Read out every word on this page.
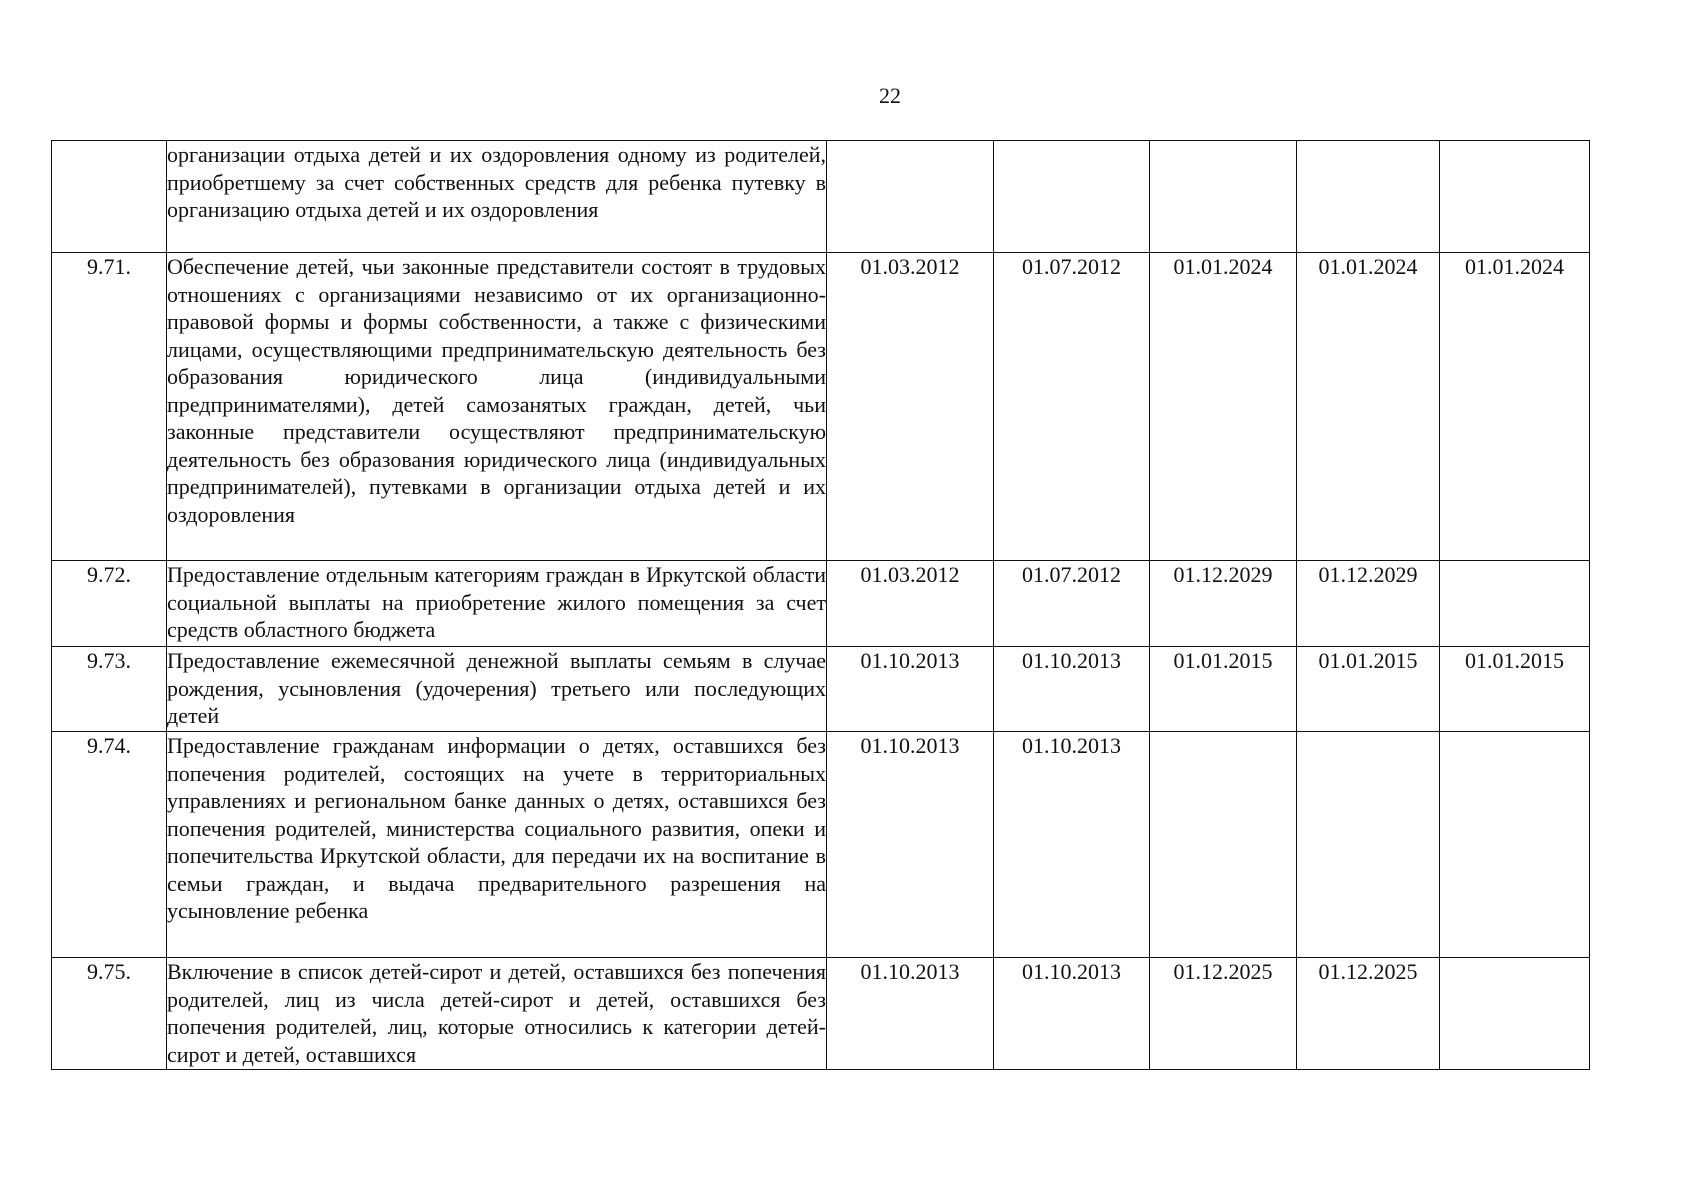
22
	организации отдыха детей и их оздоровления одному из родителей, приобретшему за счет собственных средств для ребенка путевку в организацию отдыха детей и их оздоровления					
9.71.	Обеспечение детей, чьи законные представители состоят в трудовых отношениях с организациями независимо от их организационно-правовой формы и формы собственности, а также с физическими лицами, осуществляющими предпринимательскую деятельность без образования юридического лица (индивидуальными предпринимателями), детей самозанятых граждан, детей, чьи законные представители осуществляют предпринимательскую деятельность без образования юридического лица (индивидуальных предпринимателей), путевками в организации отдыха детей и их оздоровления	01.03.2012	01.07.2012	01.01.2024	01.01.2024	01.01.2024
9.72.	Предоставление отдельным категориям граждан в Иркутской области социальной выплаты на приобретение жилого помещения за счет средств областного бюджета	01.03.2012	01.07.2012	01.12.2029	01.12.2029	
9.73.	Предоставление ежемесячной денежной выплаты семьям в случае рождения, усыновления (удочерения) третьего или последующих детей	01.10.2013	01.10.2013	01.01.2015	01.01.2015	01.01.2015
9.74.	Предоставление гражданам информации о детях, оставшихся без попечения родителей, состоящих на учете в территориальных управлениях и региональном банке данных о детях, оставшихся без попечения родителей, министерства социального развития, опеки и попечительства Иркутской области, для передачи их на воспитание в семьи граждан, и выдача предварительного разрешения на усыновление ребенка	01.10.2013	01.10.2013			
9.75.	Включение в список детей-сирот и детей, оставшихся без попечения родителей, лиц из числа детей-сирот и детей, оставшихся без попечения родителей, лиц, которые относились к категории детей-сирот и детей, оставшихся	01.10.2013	01.10.2013	01.12.2025	01.12.2025	
